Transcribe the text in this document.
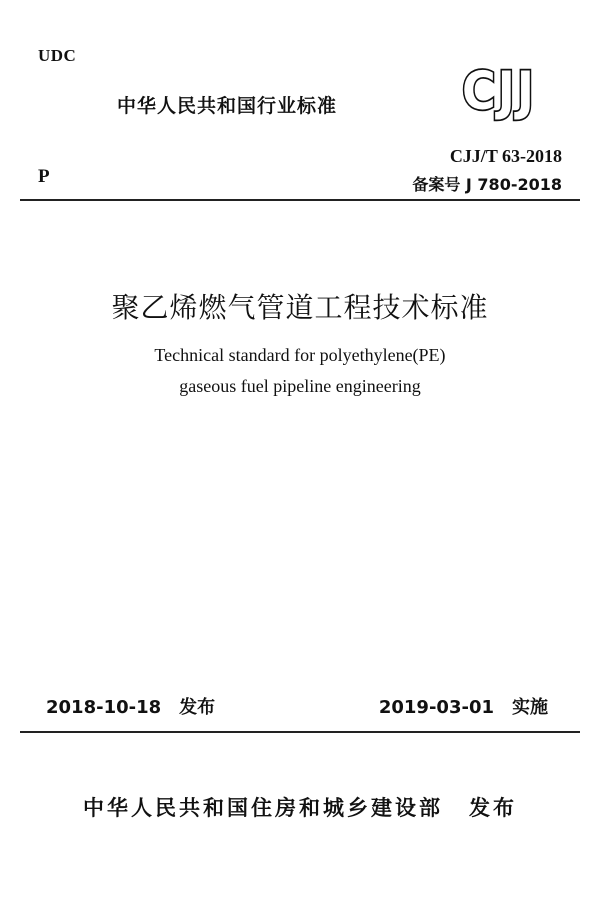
UDC
中华人民共和国行业标准	CJJ
CJJ/T 63-2018
备案号 J 780-2018
P
聚乙烯燃气管道工程技术标准
Technical standard for polyethylene(PE)
gaseous fuel pipeline engineering
2018-10-18 发布	2019-03-01 实施
中华人民共和国住房和城乡建设部 发布
